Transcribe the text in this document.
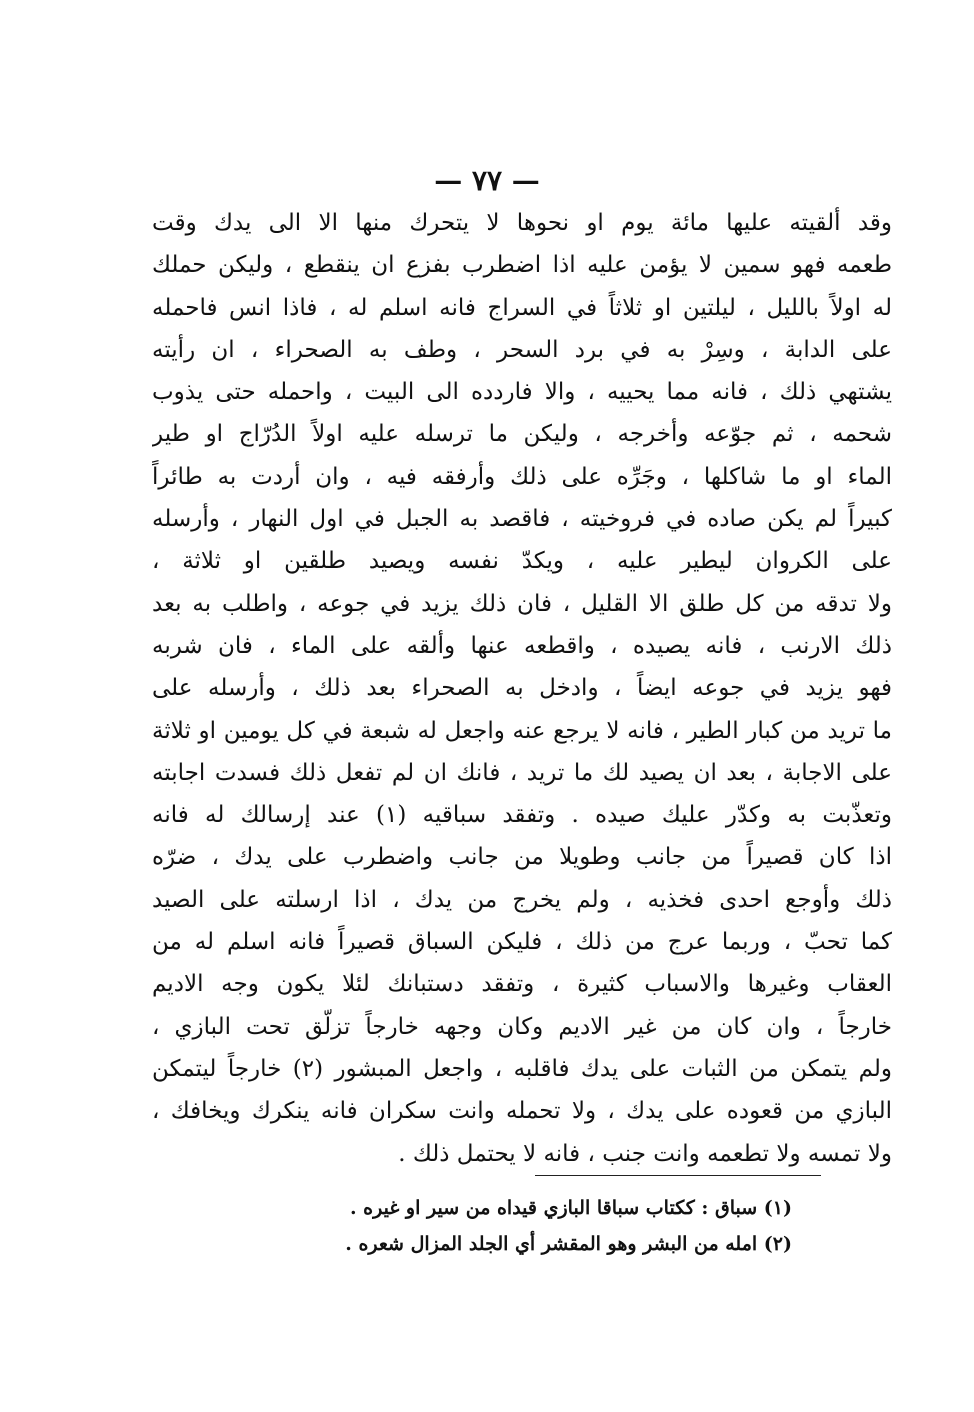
— ٧٧ —
وقد ألقيته عليها مائة يوم او نحوها لا يتحرك منها الا الى يدك وقت
طعمه فهو سمين لا يؤمن عليه اذا اضطرب بفزع ان ينقطع ، وليكن حملك
له اولاً بالليل ، ليلتين او ثلاثاً في السراج فانه اسلم له ، فاذا انس فاحمله
على الدابة ، وسِرْ به في برد السحر ، وطف به الصحراء ، ان رأيته
يشتهي ذلك ، فانه مما يحييه ، والا فاردده الى البيت ، واحمله حتى يذوب
شحمه ، ثم جوّعه وأخرجه ، وليكن ما ترسله عليه اولاً الدُرّاج او طير
الماء او ما شاكلها ، وجَرِّه على ذلك وأرفقه فيه ، وان أردت به طائراً
كبيراً لم يكن صاده في فروخيته ، فاقصد به الجبل في اول النهار ، وأرسله
على الكروان ليطير عليه ، ويكدّ نفسه ويصيد طلقين او ثلاثة ،
ولا تدقه من كل طلق الا القليل ، فان ذلك يزيد في جوعه ، واطلب به بعد
ذلك الارنب ، فانه يصيده ، واقطعه عنها وألقه على الماء ، فان شربه
فهو يزيد في جوعه ايضاً ، وادخل به الصحراء بعد ذلك ، وأرسله على
ما تريد من كبار الطير ، فانه لا يرجع عنه واجعل له شبعة في كل يومين او ثلاثة
على الاجابة ، بعد ان يصيد لك ما تريد ، فانك ان لم تفعل ذلك فسدت اجابته
وتعذّبت به وكدّر عليك صيده . وتفقد سباقيه (١) عند إرسالك له فانه
اذا كان قصيراً من جانب وطويلا من جانب واضطرب على يدك ، ضرّه
ذلك وأوجع احدى فخذيه ، ولم يخرج من يدك ، اذا ارسلته على الصيد
كما تحبّ ، وربما عرج من ذلك ، فليكن السباق قصيراً فانه اسلم له من
العقاب وغيرها والاسباب كثيرة ، وتفقد دستبانك لئلا يكون وجه الاديم
خارجاً ، وان كان من غير الاديم وكان وجهه خارجاً تزلّق تحت البازي ،
ولم يتمكن من الثبات على يدك فاقلبه ، واجعل المبشور (٢) خارجاً ليتمكن
البازي من قعوده على يدك ، ولا تحمله وانت سكران فانه ينكرك ويخافك ،
ولا تمسه ولا تطعمه وانت جنب ، فانه لا يحتمل ذلك .
(١) سباق : ككتاب سباقا البازي قيداه من سير او غيره .
(٢) امله من البشر وهو المقشر أي الجلد المزال شعره .
